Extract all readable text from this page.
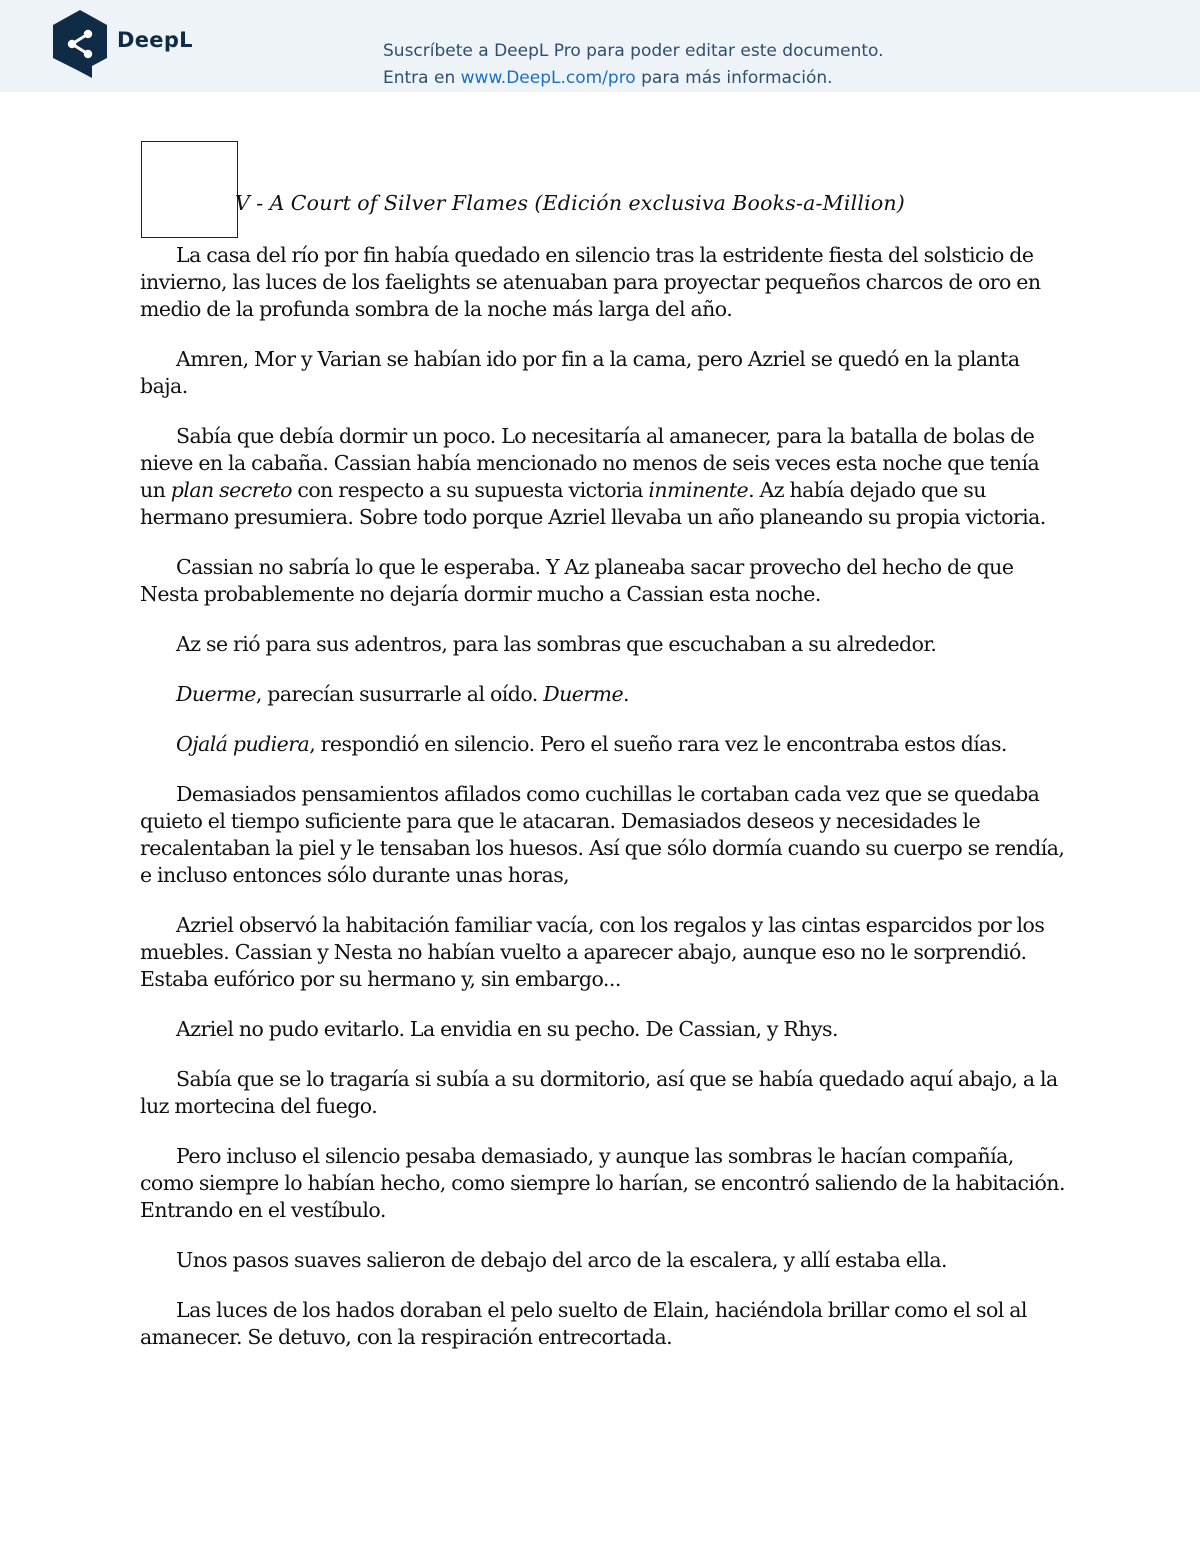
DeepL	Suscríbete a DeepL Pro para poder editar este documento.
Entra en www.DeepL.com/pro para más información.
V - A Court of Silver Flames (Edición exclusiva Books-a-Million)

La casa del río por fin había quedado en silencio tras la estridente fiesta del solsticio de invierno, las luces de los faelights se atenuaban para proyectar pequeños charcos de oro en medio de la profunda sombra de la noche más larga del año.

Amren, Mor y Varian se habían ido por fin a la cama, pero Azriel se quedó en la planta baja.

Sabía que debía dormir un poco. Lo necesitaría al amanecer, para la batalla de bolas de nieve en la cabaña. Cassian había mencionado no menos de seis veces esta noche que tenía un plan secreto con respecto a su supuesta victoria inminente. Az había dejado que su hermano presumiera. Sobre todo porque Azriel llevaba un año planeando su propia victoria.

Cassian no sabría lo que le esperaba. Y Az planeaba sacar provecho del hecho de que Nesta probablemente no dejaría dormir mucho a Cassian esta noche.

Az se rió para sus adentros, para las sombras que escuchaban a su alrededor.

Duerme, parecían susurrarle al oído. Duerme.

Ojalá pudiera, respondió en silencio. Pero el sueño rara vez le encontraba estos días.

Demasiados pensamientos afilados como cuchillas le cortaban cada vez que se quedaba quieto el tiempo suficiente para que le atacaran. Demasiados deseos y necesidades le recalentaban la piel y le tensaban los huesos. Así que sólo dormía cuando su cuerpo se rendía, e incluso entonces sólo durante unas horas,

Azriel observó la habitación familiar vacía, con los regalos y las cintas esparcidos por los muebles. Cassian y Nesta no habían vuelto a aparecer abajo, aunque eso no le sorprendió. Estaba eufórico por su hermano y, sin embargo...

Azriel no pudo evitarlo. La envidia en su pecho. De Cassian, y Rhys.

Sabía que se lo tragaría si subía a su dormitorio, así que se había quedado aquí abajo, a la luz mortecina del fuego.

Pero incluso el silencio pesaba demasiado, y aunque las sombras le hacían compañía, como siempre lo habían hecho, como siempre lo harían, se encontró saliendo de la habitación. Entrando en el vestíbulo.

Unos pasos suaves salieron de debajo del arco de la escalera, y allí estaba ella.

Las luces de los hados doraban el pelo suelto de Elain, haciéndola brillar como el sol al amanecer. Se detuvo, con la respiración entrecortada.
